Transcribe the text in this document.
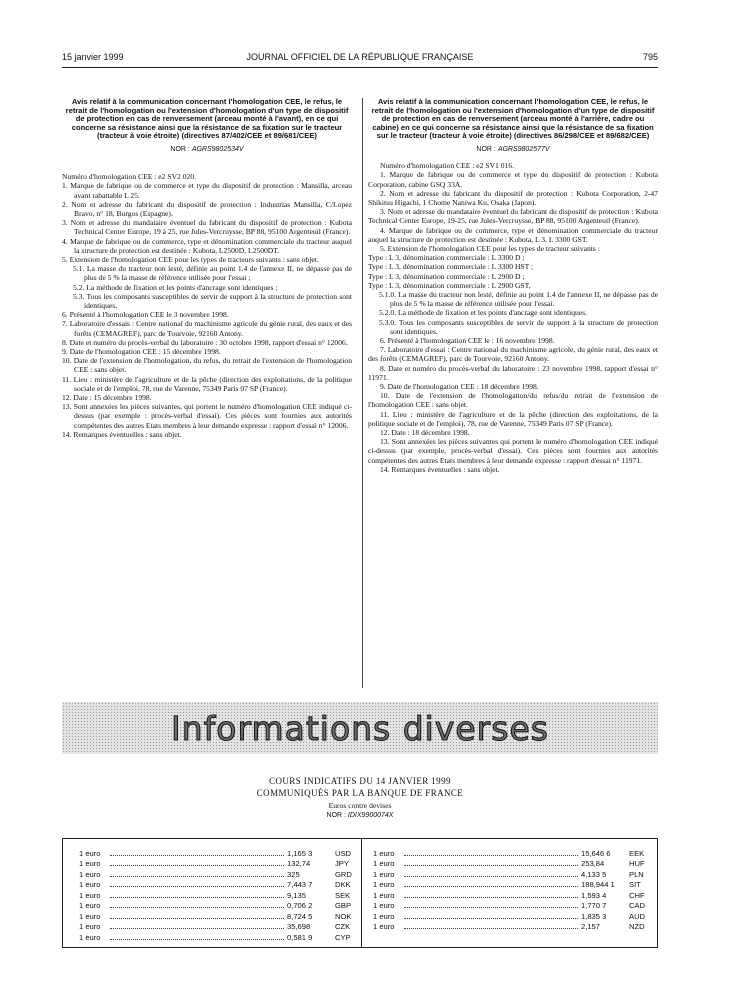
15 janvier 1999	JOURNAL OFFICIEL DE LA RÉPUBLIQUE FRANÇAISE	795
Avis relatif à la communication concernant l'homologation CEE, le refus, le retrait de l'homologation ou l'extension d'homologation d'un type de dispositif de protection en cas de renversement (arceau monté à l'avant), en ce qui concerne sa résistance ainsi que la résistance de sa fixation sur le tracteur (tracteur à voie étroite) (directives 87/402/CEE et 89/681/CEE)
NOR : AGRS9802534V
Numéro d'homologation CEE : e2 SV2 020.
1. Marque de fabrique ou de commerce et type du dispositif de protection : Mansilla, arceau avant rabattable L 25.
2. Nom et adresse du fabricant du dispositif de protection : Industrias Mansilla, C/Lopez Bravo, n° 18, Burgos (Espagne).
3. Nom et adresse du mandataire éventuel du fabricant du dispositif de protection : Kubota Technical Center Europe, 19 à 25, rue Jules-Vercruysse, BP 88, 95100 Argenteuil (France).
4. Marque de fabrique ou de commerce, type et dénomination commerciale du tracteur auquel la structure de protection est destinée : Kubota, L2500D, L2500DT.
5. Extension de l'homologation CEE pour les types de tracteurs suivants : sans objet.
5.1. La masse du tracteur non lesté, définie au point 1.4 de l'annexe II, ne dépasse pas de plus de 5 % la masse de référence utilisée pour l'essai ;
5.2. La méthode de fixation et les points d'ancrage sont identiques ;
5.3. Tous les composants susceptibles de servir de support à la structure de protection sont identiques.
6. Présenté à l'homologation CEE le 3 novembre 1998.
7. Laboratoire d'essais : Centre national du machinisme agricole du génie rural, des eaux et des forêts (CEMAGREF), parc de Tourvoie, 92160 Antony.
8. Date et numéro du procès-verbal du laboratoire : 30 octobre 1998, rapport d'essai n° 12006.
9. Date de l'homologation CEE : 15 décembre 1998.
10. Date de l'extension de l'homologation, du refus, du retrait de l'extension de l'homologation CEE : sans objet.
11. Lieu : ministère de l'agriculture et de la pêche (direction des exploitations, de la politique sociale et de l'emploi, 78, rue de Varenne, 75349 Paris 07 SP (France).
12. Date : 15 décembre 1998.
13. Sont annexées les pièces suivantes, qui portent le numéro d'homologation CEE indiqué ci-dessus (par exemple : procès-verbal d'essai). Ces pièces sont fournies aux autorités compétentes des autres Etats membres à leur demande expresse : rapport d'essai n° 12006.
14. Remarques éventuelles : sans objet.
Avis relatif à la communication concernant l'homologation CEE, le refus, le retrait de l'homologation ou l'extension d'homologation d'un type de dispositif de protection en cas de renversement (arceau monté à l'arrière, cadre ou cabine) en ce qui concerne sa résistance ainsi que la résistance de sa fixation sur le tracteur (tracteur à voie étroite) (directives 86/298/CEE et 89/682/CEE)
NOR : AGRS9802577V
Numéro d'homologation CEE : e2 SV1 016.
1. Marque de fabrique ou de commerce et type du dispositif de protection : Kubota Corporation, cabine GSQ 33A.
2. Nom et adresse du fabricant du dispositif de protection : Kubota Corporation, 2-47 Shikitsu Higachi, 1 Chome Naniwa Ku, Osaka (Japon).
3. Nom et adresse du mandataire éventuel du fabricant du dispositif de protection : Kubota Technical Center Europe, 19-25, rue Jules-Vercruysse, BP 88, 95100 Argenteuil (France).
4. Marque de fabrique ou de commerce, type et dénomination commerciale du tracteur auquel la structure de protection est destinée : Kubota, L 3, L 3300 GST.
5. Extension de l'homologation CEE pour les types de tracteur suivants :
Type : L 3, dénomination commerciale : L 3300 D ;
Type : L 3, dénomination commerciale : L 3300 HST ;
Type : L 3, dénomination commerciale : L 2900 D ;
Type : L 3, dénomination commerciale : L 2900 GST,
5.1.0. La masse du tracteur non lesté, définie au point 1.4 de l'annexe II, ne dépasse pas de plus de 5 % la masse de référence utilisée pour l'essai.
5.2.0. La méthode de fixation et les points d'ancrage sont identiques.
5.3.0. Tous les composants susceptibles de servir de support à la structure de protection sont identiques.
6. Présenté à l'homologation CEE le : 16 novembre 1998.
7. Laboratoire d'essai : Centre national du machinisme agricole, du génie rural, des eaux et des forêts (CEMAGREF), parc de Tourvoie, 92160 Antony.
8. Date et numéro du procès-verbal du laboratoire : 23 novembre 1998, rapport d'essai n° 11971.
9. Date de l'homologation CEE : 18 décembre 1998.
10. Date de l'extension de l'homologation/du refus/du retrait de l'extension de l'homologation CEE : sans objet.
11. Lieu : ministère de l'agriculture et de la pêche (direction des exploitations, de la politique sociale et de l'emploi), 78, rue de Varenne, 75349 Paris 07 SP (France).
12. Date : 18 décembre 1998.
13. Sont annexées les pièces suivantes qui portent le numéro d'homologation CEE indiqué ci-dessus (par exemple, procès-verbal d'essai). Ces pièces sont fournies aux autorités compétentes des autres Etats membres à leur demande expresse : rapport d'essai n° 11971.
14. Remarques éventuelles : sans objet.
Informations diverses
COURS INDICATIFS DU 14 JANVIER 1999
COMMUNIQUÉS PAR LA BANQUE DE FRANCE
Euros contre devises
NOR : IDIX9900074X
1 euro	1,165 3	USD
1 euro	132,74	JPY
1 euro	325	GRD
1 euro	7,443 7	DKK
1 euro	9,135	SEK
1 euro	0,706 2	GBP
1 euro	8,724 5	NOK
1 euro	35,698	CZK
1 euro	0,581 9	CYP
1 euro	15,646 6	EEK
1 euro	253,84	HUF
1 euro	4,133 5	PLN
1 euro	188,944 1	SIT
1 euro	1,593 4	CHF
1 euro	1,770 7	CAD
1 euro	1,835 3	AUD
1 euro	2,157	NZD
